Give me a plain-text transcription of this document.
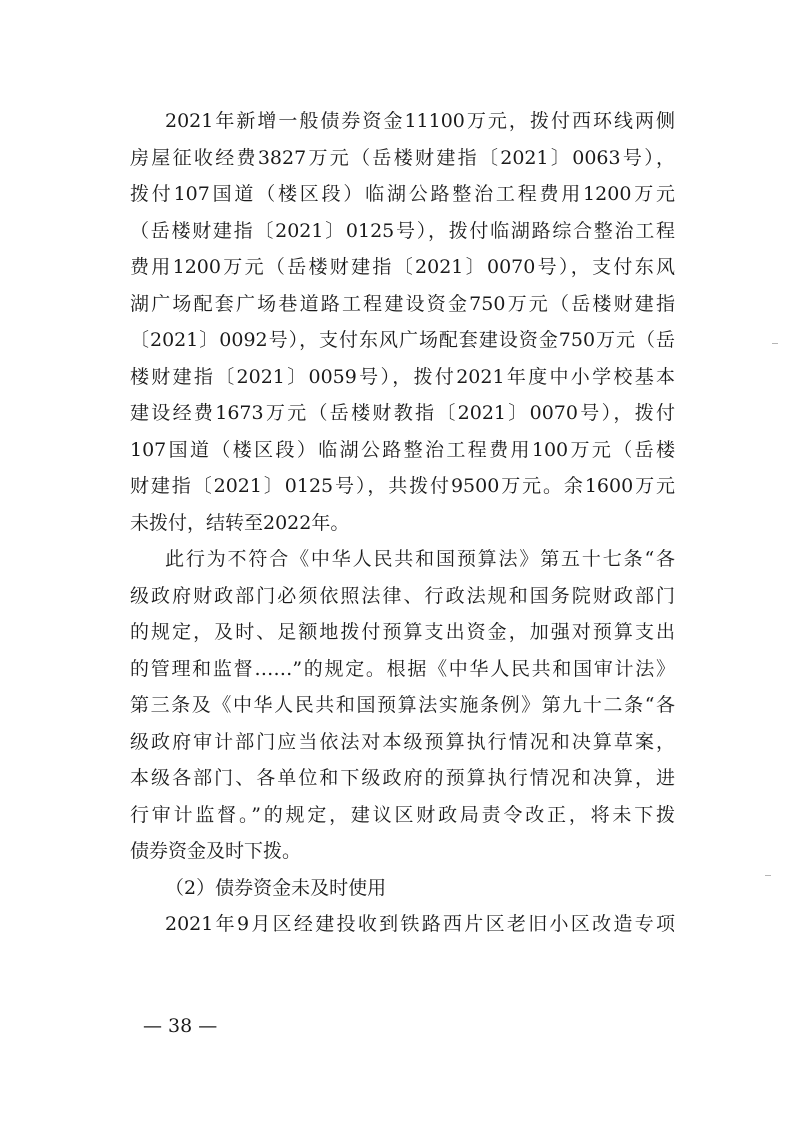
2021年新增一般债券资金11100万元，拨付西环线两侧
房屋征收经费3827万元（岳楼财建指〔2021〕0063号），
拨付107国道（楼区段）临湖公路整治工程费用1200万元
（岳楼财建指〔2021〕0125号），拨付临湖路综合整治工程
费用1200万元（岳楼财建指〔2021〕0070号），支付东风
湖广场配套广场巷道路工程建设资金750万元（岳楼财建指
〔2021〕0092号），支付东风广场配套建设资金750万元（岳
楼财建指〔2021〕0059号），拨付2021年度中小学校基本
建设经费1673万元（岳楼财教指〔2021〕0070号），拨付
107国道（楼区段）临湖公路整治工程费用100万元（岳楼
财建指〔2021〕0125号），共拨付9500万元。余1600万元
未拨付，结转至2022年。
此行为不符合《中华人民共和国预算法》第五十七条“各
级政府财政部门必须依照法律、行政法规和国务院财政部门
的规定，及时、足额地拨付预算支出资金，加强对预算支出
的管理和监督……”的规定。根据《中华人民共和国审计法》
第三条及《中华人民共和国预算法实施条例》第九十二条“各
级政府审计部门应当依法对本级预算执行情况和决算草案，
本级各部门、各单位和下级政府的预算执行情况和决算，进
行审计监督。”的规定，建议区财政局责令改正，将未下拨
债券资金及时下拨。
（2）债券资金未及时使用
2021年9月区经建投收到铁路西片区老旧小区改造专项
— 38 —
